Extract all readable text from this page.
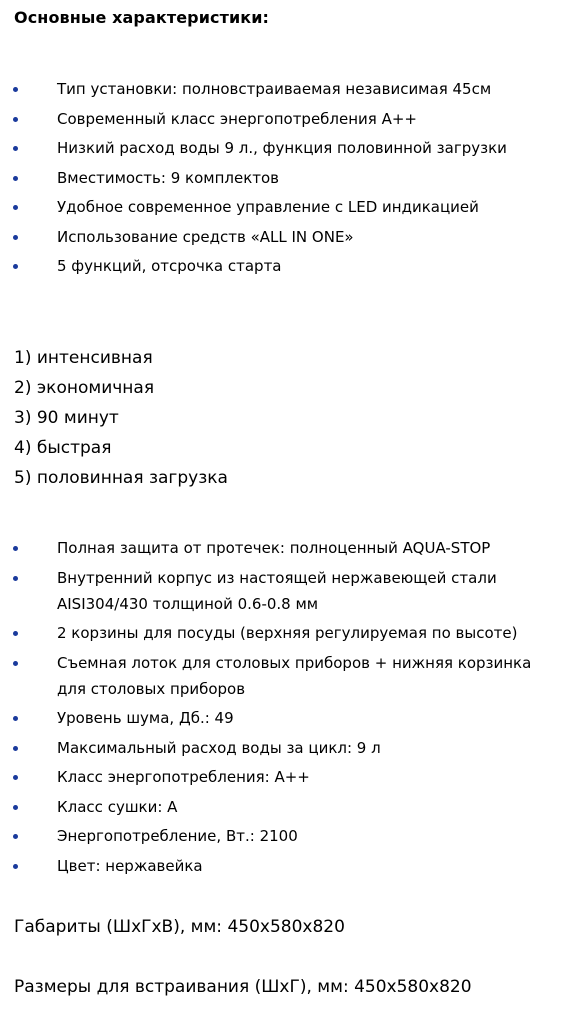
Основные характеристики:
Тип установки: полновстраиваемая независимая 45см
Современный класс энергопотребления А++
Низкий расход воды 9 л., функция половинной загрузки
Вместимость: 9 комплектов
Удобное современное управление с LED индикацией
Использование средств «ALL IN ONE»
5 функций, отсрочка старта
1) интенсивная
2) экономичная
3) 90 минут
4) быстрая
5) половинная загрузка
Полная защита от протечек: полноценный AQUA-STOP
Внутренний корпус из настоящей нержавеющей стали AISI304/430 толщиной 0.6-0.8 мм
2 корзины для посуды (верхняя регулируемая по высоте)
Съемная лоток для столовых приборов + нижняя корзинка для столовых приборов
Уровень шума, Дб.: 49
Максимальный расход воды за цикл: 9 л
Класс энергопотребления: А++
Класс сушки: А
Энергопотребление, Вт.: 2100
Цвет: нержавейка
Габариты (ШхГхВ), мм: 450х580х820
Размеры для встраивания (ШхГ), мм: 450х580х820
